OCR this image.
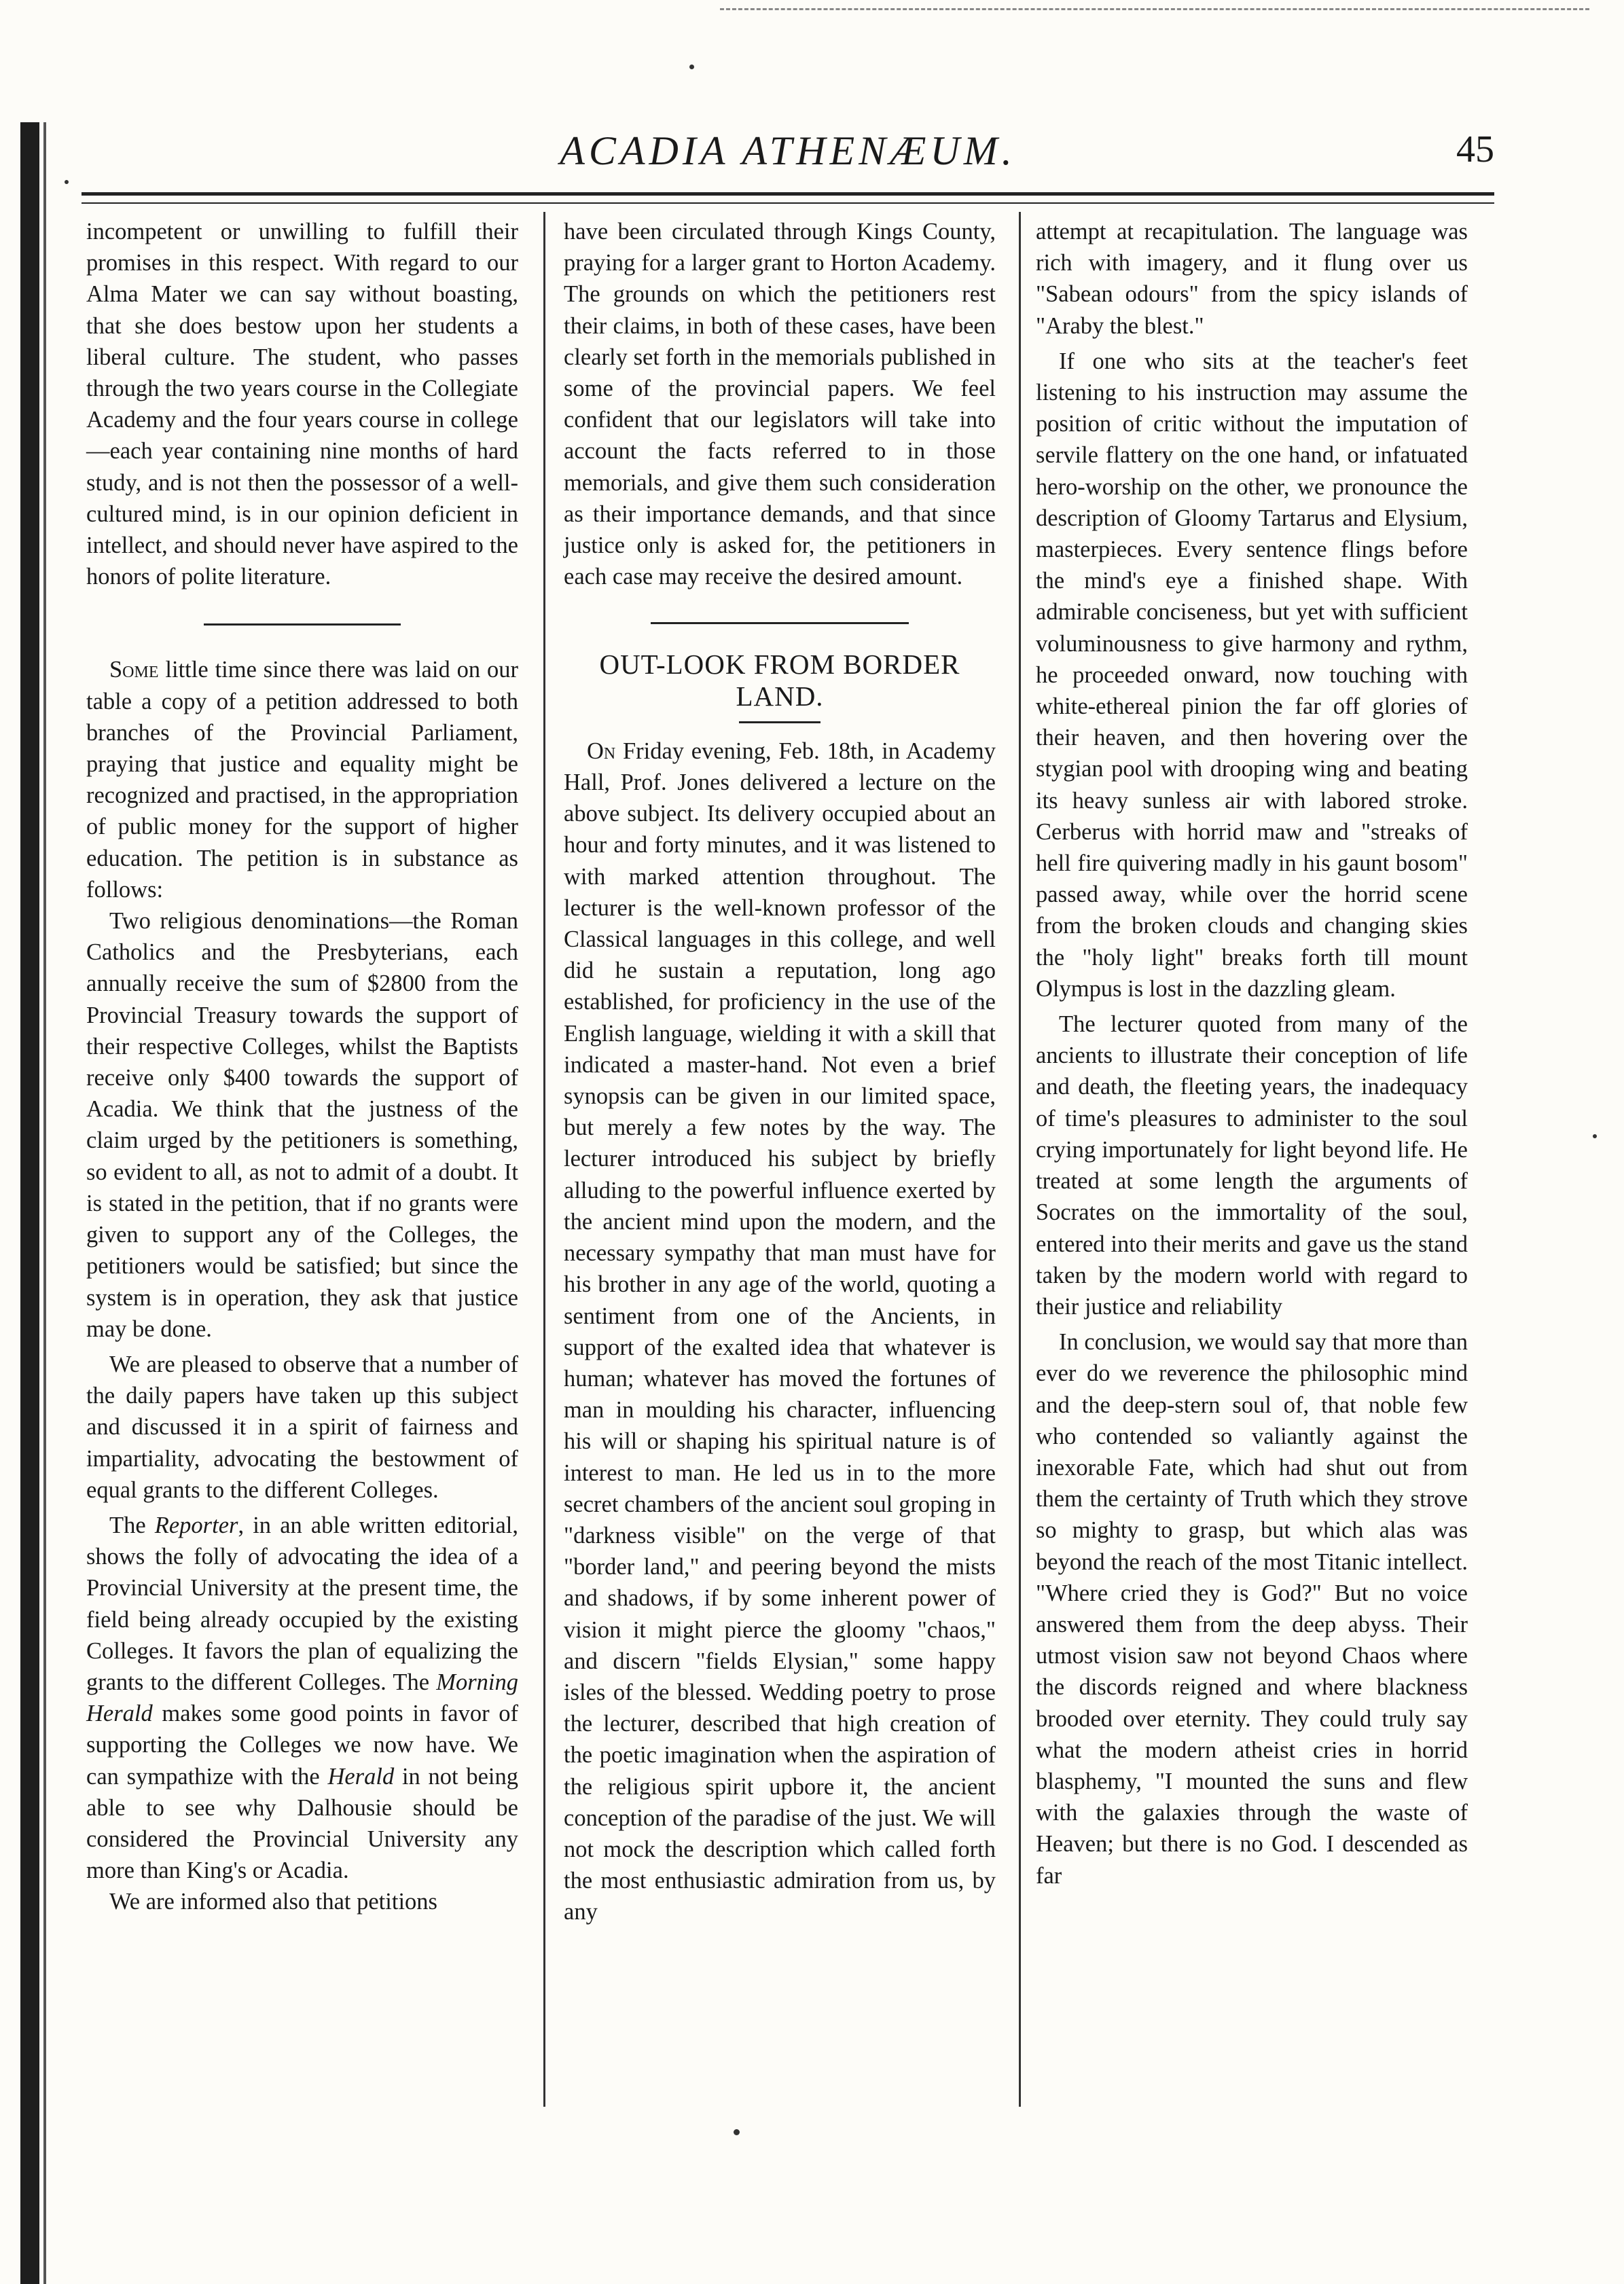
ACADIA ATHENÆUM.	45

incompetent or unwilling to fulfill their promises in this respect. With regard to our Alma Mater we can say without boasting, that she does bestow upon her students a liberal culture. The student, who passes through the two years course in the Collegiate Academy and the four years course in college—each year containing nine months of hard study, and is not then the possessor of a well-cultured mind, is in our opinion deficient in intellect, and should never have aspired to the honors of polite literature.

Some little time since there was laid on our table a copy of a petition addressed to both branches of the Provincial Parliament, praying that justice and equality might be recognized and practised, in the appropriation of public money for the support of higher education. The petition is in substance as follows:

Two religious denominations—the Roman Catholics and the Presbyterians, each annually receive the sum of $2800 from the Provincial Treasury towards the support of their respective Colleges, whilst the Baptists receive only $400 towards the support of Acadia. We think that the justness of the claim urged by the petitioners is something, so evident to all, as not to admit of a doubt. It is stated in the petition, that if no grants were given to support any of the Colleges, the petitioners would be satisfied; but since the system is in operation, they ask that justice may be done.

We are pleased to observe that a number of the daily papers have taken up this subject and discussed it in a spirit of fairness and impartiality, advocating the bestowment of equal grants to the different Colleges.

The Reporter, in an able written editorial, shows the folly of advocating the idea of a Provincial University at the present time, the field being already occupied by the existing Colleges. It favors the plan of equalizing the grants to the different Colleges. The Morning Herald makes some good points in favor of supporting the Colleges we now have. We can sympathize with the Herald in not being able to see why Dalhousie should be considered the Provincial University any more than King's or Acadia.

We are informed also that petitions

have been circulated through Kings County, praying for a larger grant to Horton Academy. The grounds on which the petitioners rest their claims, in both of these cases, have been clearly set forth in the memorials published in some of the provincial papers. We feel confident that our legislators will take into account the facts referred to in those memorials, and give them such consideration as their importance demands, and that since justice only is asked for, the petitioners in each case may receive the desired amount.

OUT-LOOK FROM BORDER LAND.

On Friday evening, Feb. 18th, in Academy Hall, Prof. Jones delivered a lecture on the above subject. Its delivery occupied about an hour and forty minutes, and it was listened to with marked attention throughout. The lecturer is the well-known professor of the Classical languages in this college, and well did he sustain a reputation, long ago established, for proficiency in the use of the English language, wielding it with a skill that indicated a master-hand. Not even a brief synopsis can be given in our limited space, but merely a few notes by the way. The lecturer introduced his subject by briefly alluding to the powerful influence exerted by the ancient mind upon the modern, and the necessary sympathy that man must have for his brother in any age of the world, quoting a sentiment from one of the Ancients, in support of the exalted idea that whatever is human; whatever has moved the fortunes of man in moulding his character, influencing his will or shaping his spiritual nature is of interest to man. He led us in to the more secret chambers of the ancient soul groping in "darkness visible" on the verge of that "border land," and peering beyond the mists and shadows, if by some inherent power of vision it might pierce the gloomy "chaos," and discern "fields Elysian," some happy isles of the blessed. Wedding poetry to prose the lecturer, described that high creation of the poetic imagination when the aspiration of the religious spirit upbore it, the ancient conception of the paradise of the just. We will not mock the description which called forth the most enthusiastic admiration from us, by any

attempt at recapitulation. The language was rich with imagery, and it flung over us "Sabean odours" from the spicy islands of "Araby the blest."

If one who sits at the teacher's feet listening to his instruction may assume the position of critic without the imputation of servile flattery on the one hand, or infatuated hero-worship on the other, we pronounce the description of Gloomy Tartarus and Elysium, masterpieces. Every sentence flings before the mind's eye a finished shape. With admirable conciseness, but yet with sufficient voluminousness to give harmony and rythm, he proceeded onward, now touching with white-ethereal pinion the far off glories of their heaven, and then hovering over the stygian pool with drooping wing and beating its heavy sunless air with labored stroke. Cerberus with horrid maw and "streaks of hell fire quivering madly in his gaunt bosom" passed away, while over the horrid scene from the broken clouds and changing skies the "holy light" breaks forth till mount Olympus is lost in the dazzling gleam.

The lecturer quoted from many of the ancients to illustrate their conception of life and death, the fleeting years, the inadequacy of time's pleasures to administer to the soul crying importunately for light beyond life. He treated at some length the arguments of Socrates on the immortality of the soul, entered into their merits and gave us the stand taken by the modern world with regard to their justice and reliability

In conclusion, we would say that more than ever do we reverence the philosophic mind and the deep-stern soul of, that noble few who contended so valiantly against the inexorable Fate, which had shut out from them the certainty of Truth which they strove so mighty to grasp, but which alas was beyond the reach of the most Titanic intellect. "Where cried they is God?" But no voice answered them from the deep abyss. Their utmost vision saw not beyond Chaos where the discords reigned and where blackness brooded over eternity. They could truly say what the modern atheist cries in horrid blasphemy, "I mounted the suns and flew with the galaxies through the waste of Heaven; but there is no God. I descended as far
